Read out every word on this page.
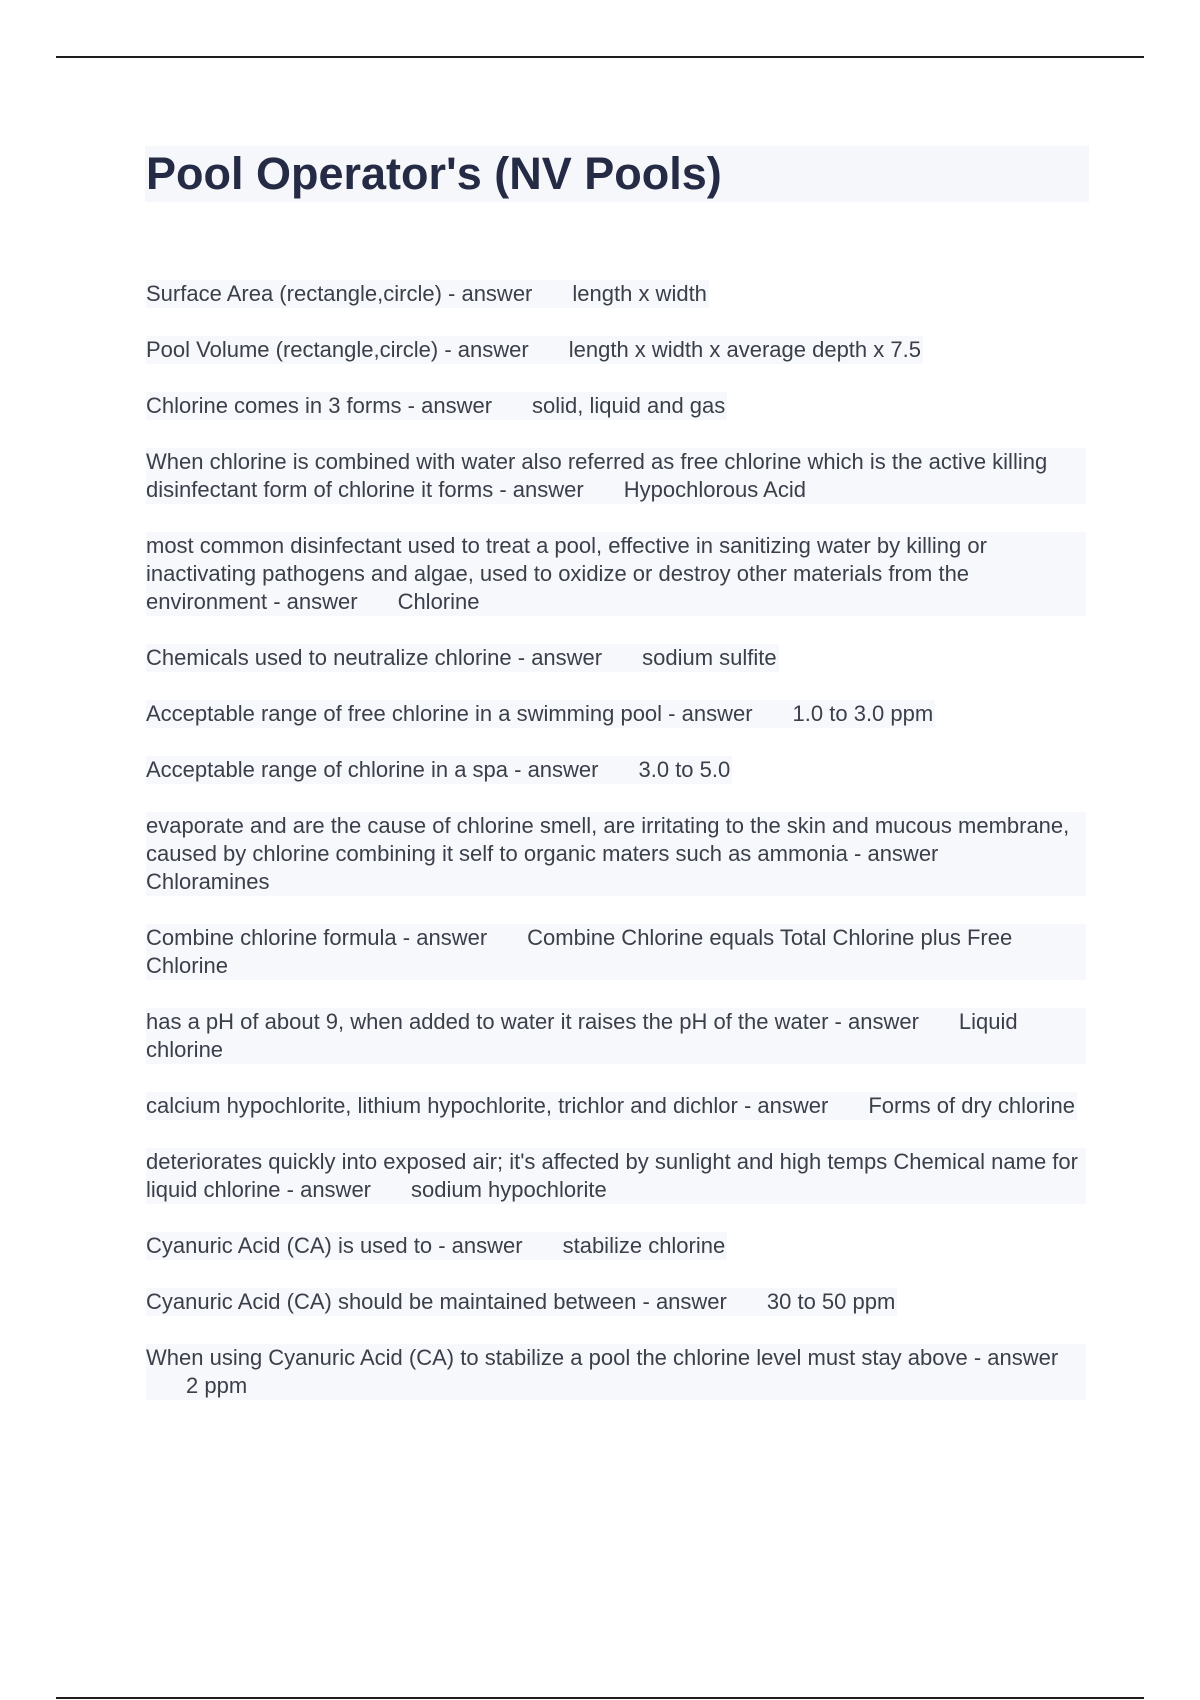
Pool Operator's (NV Pools)
Surface Area (rectangle,circle) - answer length x width
Pool Volume (rectangle,circle) - answer length x width x average depth x 7.5
Chlorine comes in 3 forms - answer solid, liquid and gas
When chlorine is combined with water also referred as free chlorine which is the active killing disinfectant form of chlorine it forms - answer Hypochlorous Acid
most common disinfectant used to treat a pool, effective in sanitizing water by killing or inactivating pathogens and algae, used to oxidize or destroy other materials from the environment - answer Chlorine
Chemicals used to neutralize chlorine - answer sodium sulfite
Acceptable range of free chlorine in a swimming pool - answer 1.0 to 3.0 ppm
Acceptable range of chlorine in a spa - answer 3.0 to 5.0
evaporate and are the cause of chlorine smell, are irritating to the skin and mucous membrane, caused by chlorine combining it self to organic maters such as ammonia - answerChloramines
Combine chlorine formula - answer Combine Chlorine equals Total Chlorine plus Free Chlorine
has a pH of about 9, when added to water it raises the pH of the water - answer Liquid chlorine
calcium hypochlorite, lithium hypochlorite, trichlor and dichlor - answer Forms of dry chlorine
deteriorates quickly into exposed air; it's affected by sunlight and high temps Chemical name for liquid chlorine - answer sodium hypochlorite
Cyanuric Acid (CA) is used to - answer stabilize chlorine
Cyanuric Acid (CA) should be maintained between - answer 30 to 50 ppm
When using Cyanuric Acid (CA) to stabilize a pool the chlorine level must stay above - answer2 ppm
